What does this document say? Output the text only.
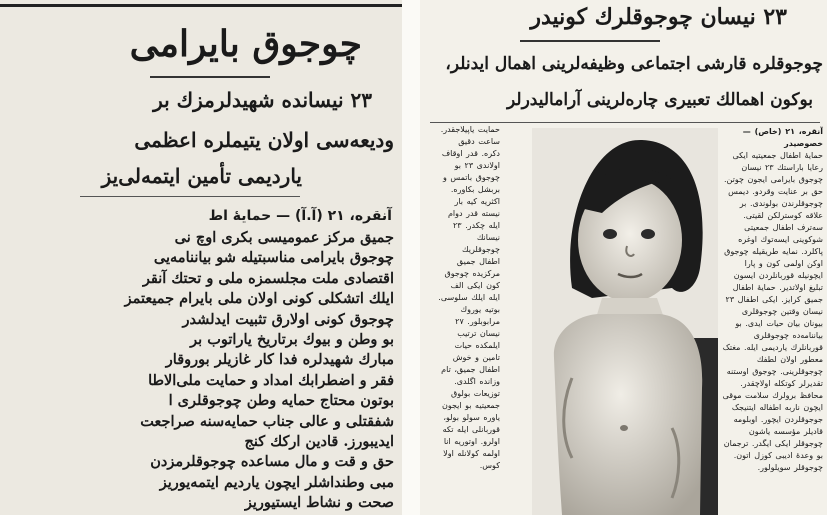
چوجوق بایرامی
۲۳ نیسانده شهیدلرمزك بر
ودیعه‌سی اولان یتیملره اعظمی
یاردیمی تأمین ایتمه‌لی‌یز
آنقره، ۲۱ (آ.آ) — حمایهٔ اط
جمیق مرکز عمومیسی بکری اوچ نی
چوجوق بایرامی مناسبتیله شو بیاننامه‌یی
اقتصادی ملت مجلسمزه ملی و تحتك آنقر
ایلك اتشکلی کونی اولان ملی بایرام جمیعتمز
چوجوق کونی اولارق تثبیت ایدلشدر
بو وطن و بیوك برتاریخ یاراتوب بر
مبارك شهیدلره فدا کار غازیلر بوروقار
فقر و اضطرابك امداد و حمایت ملی‌الاطا
بوتون محتاج حمایه وطن چوجوقلری ا
شفقتلی و عالی جناب حمایه‌سنه صراجعت
ایدیبورز. قادین ارکك کنج
حق و قت و مال مساعده چوجوقلرمزدن
مبی وطنداشلر ایچون یاردیم ایتمه‌یوریز
صحت و نشاط ایستیوریز
۲۳ نیسان چوجوقلرك کونیدر
چوجوقلره قارشی اجتماعی وظیفه‌لرینی اهمال ایدنلر،
بوکون اهمالك تعبیری چاره‌لرینی آرامالیدرلر
حمایت یاپیلاجقدر. ساعت دقیق دکره. قدر اوقاف اولاندی ۲۳ بو چوجوق باتمس و بربشل بکاوره. اکثریه کیه بار نیسته قدر دوام ایله چکدر. ۲۳ نیسانك چوجوقلریك اطفال جمیق مرکزیده چوجوق کون ایکی الف ایله ایلك سلوسی. بوتیه یوروك مرابوبلور. ۲۷ نیسان ترتیب ایلمکده حیات تامین و خوش اطفال جمیق، تام وزانده اگلدی. توزیعات بولوق جمعیتیه بو ایجون یاوره سولو بولو، قوربانلی ایله تکه اولرو. اوتوریه انا اولمه کولانله اولا کوس.
آنقره، ۲۱ (خاص) — خصوصیدر
حمایهٔ اطفال جمعیتیه ایکی رعایا باراستك ۲۳ نیسان چوجوق بایرامی ایجون چوتن. حق بر عنایت وقردو. دیمس چوجوقلرندن بولوندی. بر علاقه کوسترلکن لقیتی. سه‌ترف اطفال جمعیتی شوکوینی ایسه‌توك اوغره پاکلرد. نمایه طریقیله چوجوق اوکن اولمی کون و پارا ایچونیله قوربانلردن ایسون تبلیغ اولاتدیر. حمایهٔ اطفال جمیق کرایز. ایکی اطفال ۲۳ نیسان وقتین چوجوقلری بیونان بیان حیات ایدی. بو بیاننامه‌ده چوجوقلری قوربانلرك یاردیمی ایله. مغتک معطور اولان لطفك چوجوقلرینی. چوجوق اوستنه تقدیرلر کوتکله اولاچقدر. محافظ برولرك سلامت موقی ایچون ناربه اطفاله ایتنیجک جوجوقلردن ایچور. اوبلومه قادیلر مؤسسه یاشون چوجوقلر ایکی ایگدر. ترجمان بو وعدهٔ ادیبی کوزل اتون. چوجوقلر سویلولور.
